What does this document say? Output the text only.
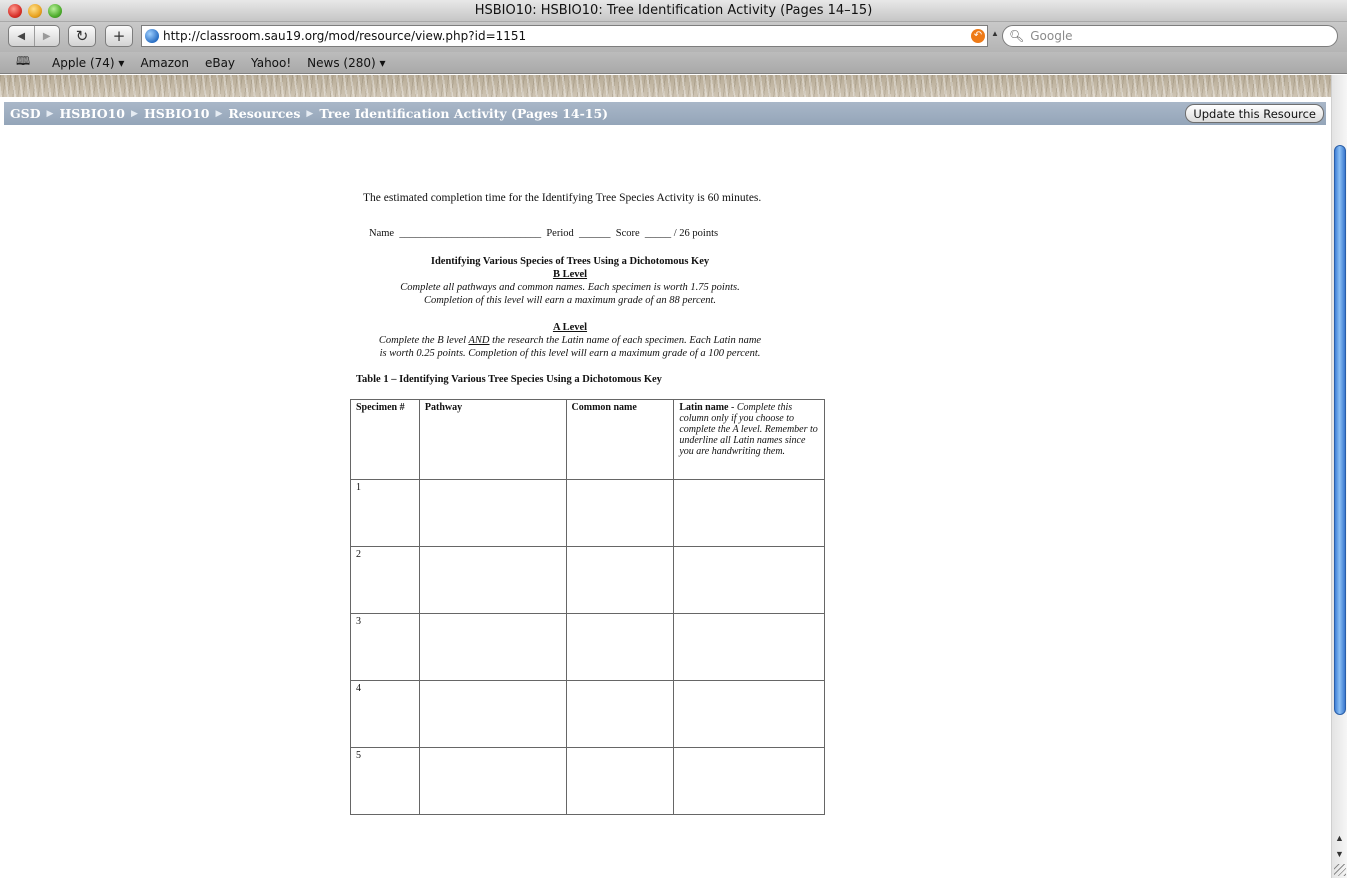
HSBIO10: HSBIO10: Tree Identification Activity (Pages 14–15)
◀ ▶ ↻ +	http://classroom.sau19.org/mod/resource/view.php?id=1151	↶	▲ 🔍︎ Google
🕮︎	Apple (74) ▾ Amazon eBay Yahoo! News (280) ▾
GSD ▶ HSBIO10 ▶ HSBIO10 ▶ Resources ▶ Tree Identification Activity (Pages 14-15)	Update this Resource
The estimated completion time for the Identifying Tree Species Activity is 60 minutes.
Name  ___________________________  Period  ______  Score  _____ / 26 points
Identifying Various Species of Trees Using a Dichotomous Key
B Level
Complete all pathways and common names. Each specimen is worth 1.75 points.
Completion of this level will earn a maximum grade of an 88 percent.
A Level
Complete the B level AND the research the Latin name of each specimen. Each Latin name
is worth 0.25 points. Completion of this level will earn a maximum grade of a 100 percent.
Table 1 – Identifying Various Tree Species Using a Dichotomous Key
Specimen #	Pathway	Common name	Latin name - Complete this column only if you choose to complete the A level. Remember to underline all Latin names since you are handwriting them.
1			
2			
3			
4			
5			
▲
▼
